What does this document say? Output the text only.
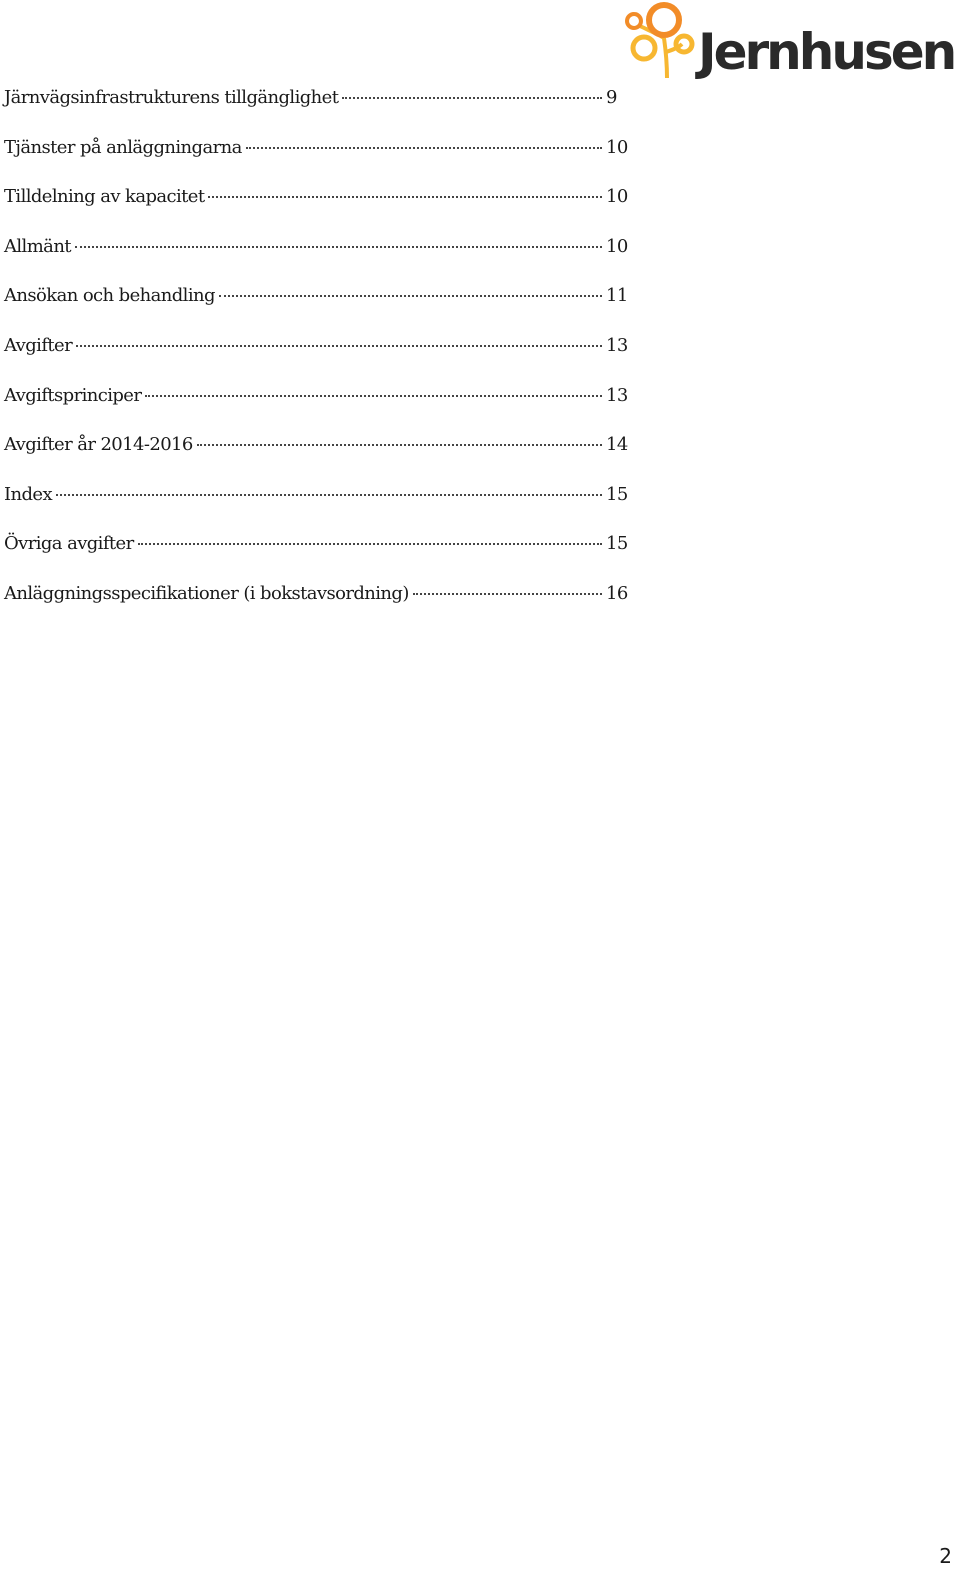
Jernhusen
Järnvägsinfrastrukturens tillgänglighet	9
Tjänster på anläggningarna	10
Tilldelning av kapacitet	10
Allmänt	10
Ansökan och behandling	11
Avgifter	13
Avgiftsprinciper	13
Avgifter år 2014-2016	14
Index	15
Övriga avgifter	15
Anläggningsspecifikationer (i bokstavsordning)	16
2
